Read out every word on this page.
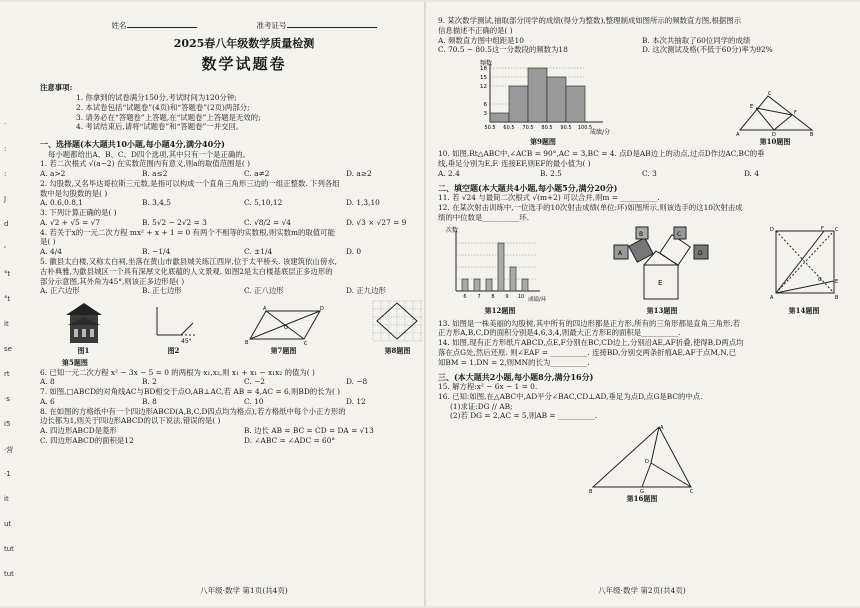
·
:
:
J
d
'
°t
°t
it
se
rt
·s
i5
·营
·1
it
ut
tut
tut
姓名	准考证号
2025春八年级数学质量检测
数学试题卷
注意事项:
1. 你拿到的试卷满分150分,考试时间为120分钟;
2. 本试卷包括“试题卷”(4页)和“答题卷”(2页)两部分;
3. 请务必在“答题卷”上答题,在“试题卷”上答题是无效的;
4. 考试结束后,请将“试题卷”和“答题卷”一并交回。
一、选择题(本大题共10小题,每小题4分,满分40分)
每小题都给出A、B、C、D四个选项,其中只有一个是正确的。
1. 若二次根式 √(a−2) 在实数范围内有意义,则a的取值范围是( )
A. a>2	B. a≤2	C. a≠2	D. a≥2
2. 勾股数,又名毕达哥拉斯三元数,是指可以构成一个直角三角形三边的一组正整数. 下列各组
数中是勾股数的是( )
A. 0.6,0.8,1	B. 3,4,5	C. 5,10,12	D. 1,3,10
3. 下列计算正确的是( )
A. √2 + √5 = √7	B. 5√2 − 2√2 = 3	C. √8/2 = √4	D. √3 × √27 = 9
4. 若关于x的一元二次方程 mx² + x + 1 = 0 有两个不相等的实数根,则实数m的取值可能
是( )
A. 4/4	B. −1/4	C. ±1/4	D. 0
5. 徽县太白楼,又称太白祠,坐落在黄山市歙县城关练江西岸,位于太平桥头. 该建筑依山傍水,
古朴典雅,为歙县城区一个具有深厚文化底蕴的人文景观. 如图2是太白楼基底层正多边形的
部分示意图,其外角为45°,则该正多边形是( )
A. 正六边形	B. 正七边形	C. 正八边形	D. 正九边形
图1
45°
图2
B
A	D
C
O
第7题图	第8题图
第5题图
6. 已知一元二次方程 x² − 3x − 5 = 0 的两根为 x₁,x₂,则 x₁ + x₁ − x₁x₂ 的值为( )
A. 8	B. 2	C. −2	D. −8
7. 如图,□ABCD的对角线AC与BD相交于点O,AB⊥AC,若 AB = 4,AC = 6,则BD的长为( )
A. 6	B. 8	C. 10	D. 12
8. 在如图的方格纸中有一个四边形ABCD(A,B,C,D四点均为格点),若方格纸中每个小正方形的
边长都为1,则关于四边形ABCD的以下说法,错误的是( )
A. 四边形ABCD是菱形	B. 边长 AB = BC = CD = DA = √13
C. 四边形ABCD的面积是12	D. ∠ABC = ∠ADC = 60°
八年级·数学 第1页(共4页)
9. 某次数学测试,抽取部分同学的成绩(得分为整数),整理制成如图所示的频数直方图,根据图示
信息描述不正确的是( )
A. 频数直方图中组距是10	B. 本次共抽取了60位同学的成绩
C. 70.5 ~ 80.5这一分数段的频数为18	D. 这次测试及格(不低于60分)率为92%
频数
成绩/分
3
6
12
15
18
50.5 60.5 70.5 80.5 90.5 100.5
第9题图
A	B
C
D
E
F
第10题图
10. 如图,Rt△ABC中,∠ACB = 90°,AC = 3,BC = 4. 点D是AB边上的动点,过点D作边AC,BC的垂
线,垂足分别为E,F. 连接EF,则EF的最小值为( )
A. 2.4	B. 2.5	C. 3	D. 4
二、填空题(本大题共4小题,每小题5分,满分20分)
11. 若 √24 与最简二次根式 √(m+2) 可以合并,则m = __________.
12. 在某次射击训练中,一位选手的10次射击成绩(单位:环)如图所示,则该选手的这10次射击成
绩的中位数是__________环.
次数
成绩/环
6 7 8 9 10
第12题图
E
A
B	C
D
第13题图
D	F C
A	B
E
G
第14题图
13. 如图是一株美丽的勾股树,其中所有的四边形都是正方形,所有的三角形都是直角三角形,若
正方形A,B,C,D的面积分别是4,6,3,4,则最大正方形E的面积是__________.
14. 如图,现有正方形纸片ABCD,点E,F分别在BC,CD边上,分别沿AE,AF折叠,使得B,D两点均
落在点G处,然后还原. 则∠EAF = __________. 连接BD,分别交两条折痕AE,AF于点M,N,已
知BM = 1,DN = 2,则MN的长为__________.
三、(本大题共2小题,每小题8分,满分16分)
15. 解方程:x² − 6x − 1 = 0.
16. 已知:如图,在△ABC中,AD平分∠BAC,CD⊥AD,垂足为点D,点G是BC的中点.
(1)求证:DG // AB;
(2)若 DG = 2,AC = 5,则AB = __________.
A
B	C
D
G
第16题图
八年级·数学 第2页(共4页)
